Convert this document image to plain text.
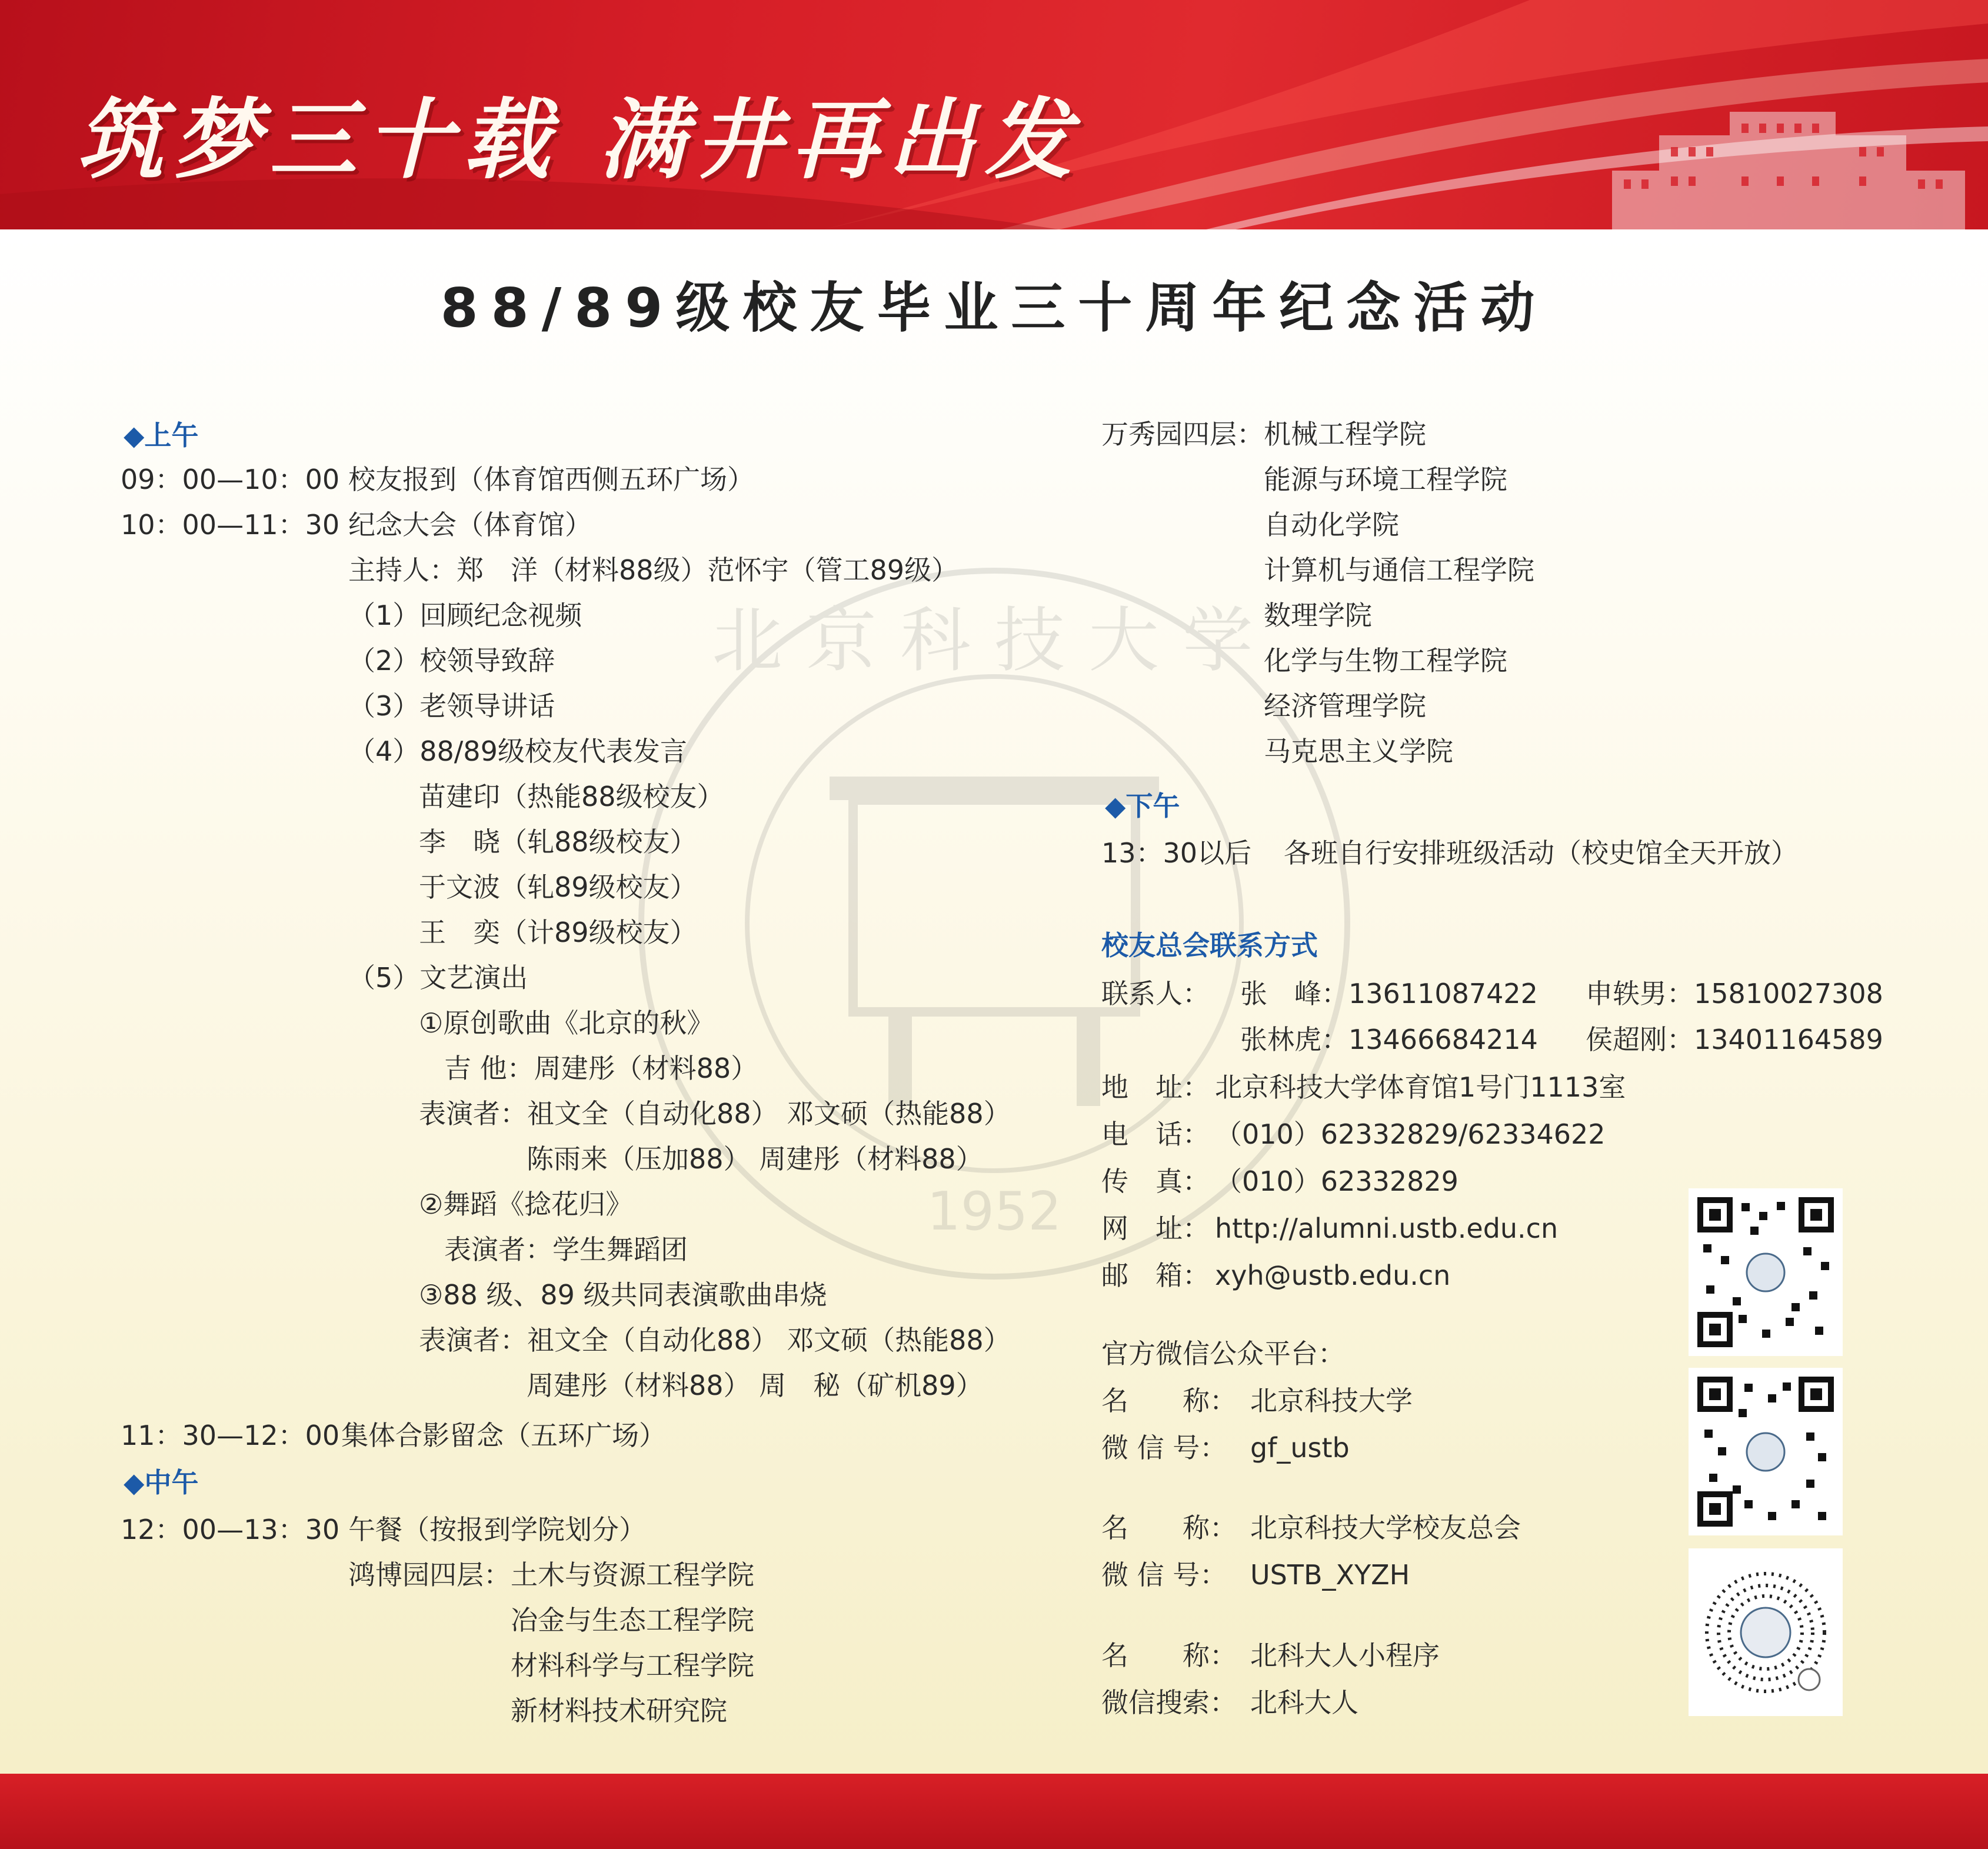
筑梦三十载 满井再出发
88/89级校友毕业三十周年纪念活动
北京科技大学
1952
◆上午
09：00—10：00 校友报到（体育馆西侧五环广场）
10：00—11：30 纪念大会（体育馆）
主持人：郑　洋（材料88级）范怀宇（管工89级）
（1）回顾纪念视频
（2）校领导致辞
（3）老领导讲话
（4）88/89级校友代表发言
苗建印（热能88级校友）
李　晓（轧88级校友）
于文波（轧89级校友）
王　奕（计89级校友）
（5）文艺演出
①原创歌曲《北京的秋》
吉 他：周建彤（材料88）
表演者：祖文全（自动化88） 邓文硕（热能88）
陈雨来（压加88） 周建彤（材料88）
②舞蹈《捻花归》
表演者：学生舞蹈团
③88 级、89 级共同表演歌曲串烧
表演者：祖文全（自动化88） 邓文硕（热能88）
周建彤（材料88） 周　秘（矿机89）
11：30—12：00 集体合影留念（五环广场）
◆中午
12：00—13：30 午餐（按报到学院划分）
鸿博园四层： 土木与资源工程学院
冶金与生态工程学院
材料科学与工程学院
新材料技术研究院
万秀园四层： 机械工程学院
能源与环境工程学院
自动化学院
计算机与通信工程学院
数理学院
化学与生物工程学院
经济管理学院
马克思主义学院
◆下午
13：30以后 各班自行安排班级活动（校史馆全天开放）
校友总会联系方式
联系人： 张　峰：13611087422 申轶男：15810027308
张林虎：13466684214 侯超刚：13401164589
地　址： 北京科技大学体育馆1号门1113室
电　话： （010）62332829/62334622
传　真： （010）62332829
网　址： http://alumni.ustb.edu.cn
邮　箱： xyh@ustb.edu.cn
官方微信公众平台：
名　　称： 北京科技大学
微 信 号： gf_ustb
名　　称： 北京科技大学校友总会
微 信 号： USTB_XYZH
名　　称： 北科大人小程序
微信搜索： 北科大人
